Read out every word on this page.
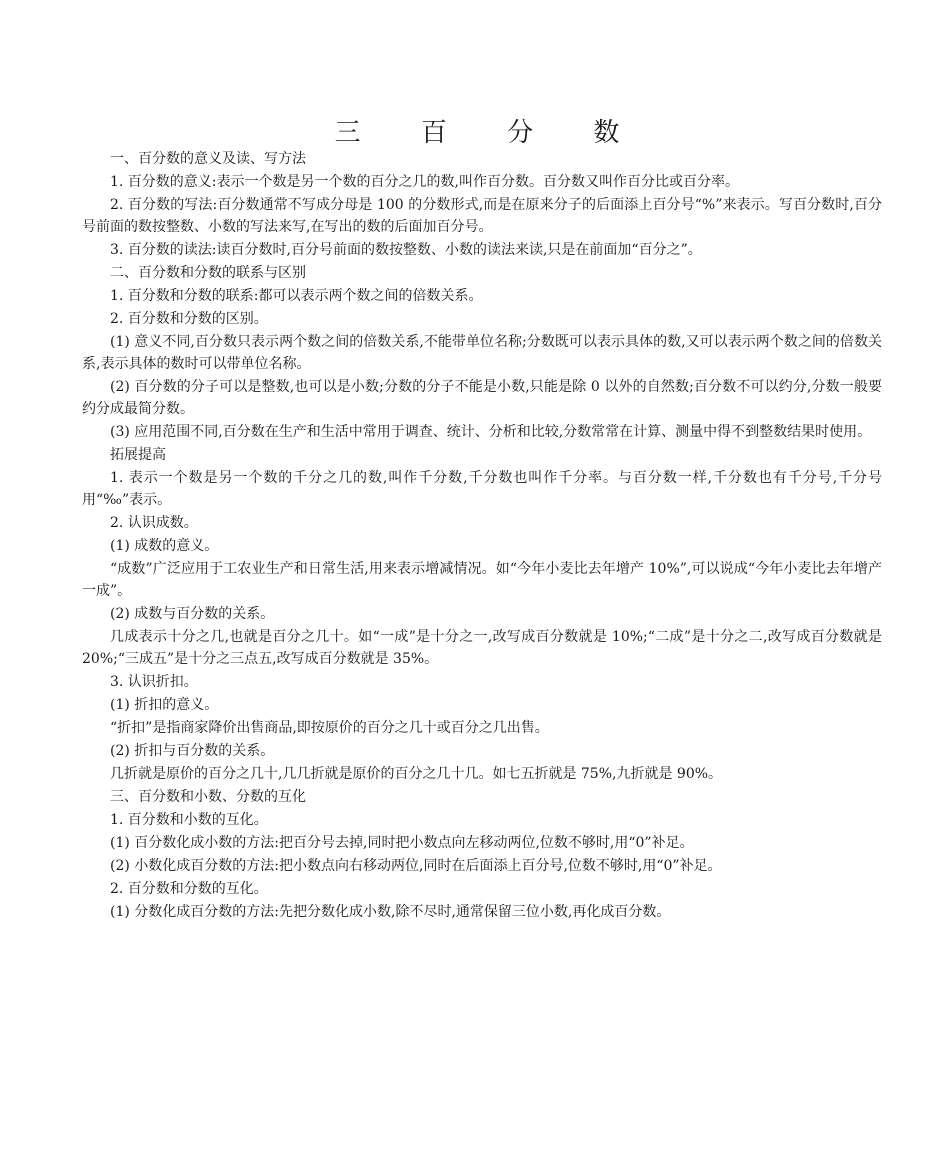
三 百 分 数

一、百分数的意义及读、写方法

1. 百分数的意义:表示一个数是另一个数的百分之几的数,叫作百分数。百分数又叫作百分比或百分率。

2. 百分数的写法:百分数通常不写成分母是 100 的分数形式,而是在原来分子的后面添上百分号“%”来表示。写百分数时,百分号前面的数按整数、小数的写法来写,在写出的数的后面加百分号。

3. 百分数的读法:读百分数时,百分号前面的数按整数、小数的读法来读,只是在前面加“百分之”。

二、百分数和分数的联系与区别

1. 百分数和分数的联系:都可以表示两个数之间的倍数关系。

2. 百分数和分数的区别。

(1) 意义不同,百分数只表示两个数之间的倍数关系,不能带单位名称;分数既可以表示具体的数,又可以表示两个数之间的倍数关系,表示具体的数时可以带单位名称。

(2) 百分数的分子可以是整数,也可以是小数;分数的分子不能是小数,只能是除 0 以外的自然数;百分数不可以约分,分数一般要约分成最简分数。

(3) 应用范围不同,百分数在生产和生活中常用于调查、统计、分析和比较,分数常常在计算、测量中得不到整数结果时使用。

拓展提高

1. 表示一个数是另一个数的千分之几的数,叫作千分数,千分数也叫作千分率。与百分数一样,千分数也有千分号,千分号用“‰”表示。

2. 认识成数。

(1) 成数的意义。

“成数”广泛应用于工农业生产和日常生活,用来表示增减情况。如“今年小麦比去年增产 10%”,可以说成“今年小麦比去年增产一成”。

(2) 成数与百分数的关系。

几成表示十分之几,也就是百分之几十。如“一成”是十分之一,改写成百分数就是 10%;“二成”是十分之二,改写成百分数就是 20%;“三成五”是十分之三点五,改写成百分数就是 35%。

3. 认识折扣。

(1) 折扣的意义。

“折扣”是指商家降价出售商品,即按原价的百分之几十或百分之几出售。

(2) 折扣与百分数的关系。

几折就是原价的百分之几十,几几折就是原价的百分之几十几。如七五折就是 75%,九折就是 90%。

三、百分数和小数、分数的互化

1. 百分数和小数的互化。

(1) 百分数化成小数的方法:把百分号去掉,同时把小数点向左移动两位,位数不够时,用“0”补足。

(2) 小数化成百分数的方法:把小数点向右移动两位,同时在后面添上百分号,位数不够时,用“0”补足。

2. 百分数和分数的互化。

(1) 分数化成百分数的方法:先把分数化成小数,除不尽时,通常保留三位小数,再化成百分数。
